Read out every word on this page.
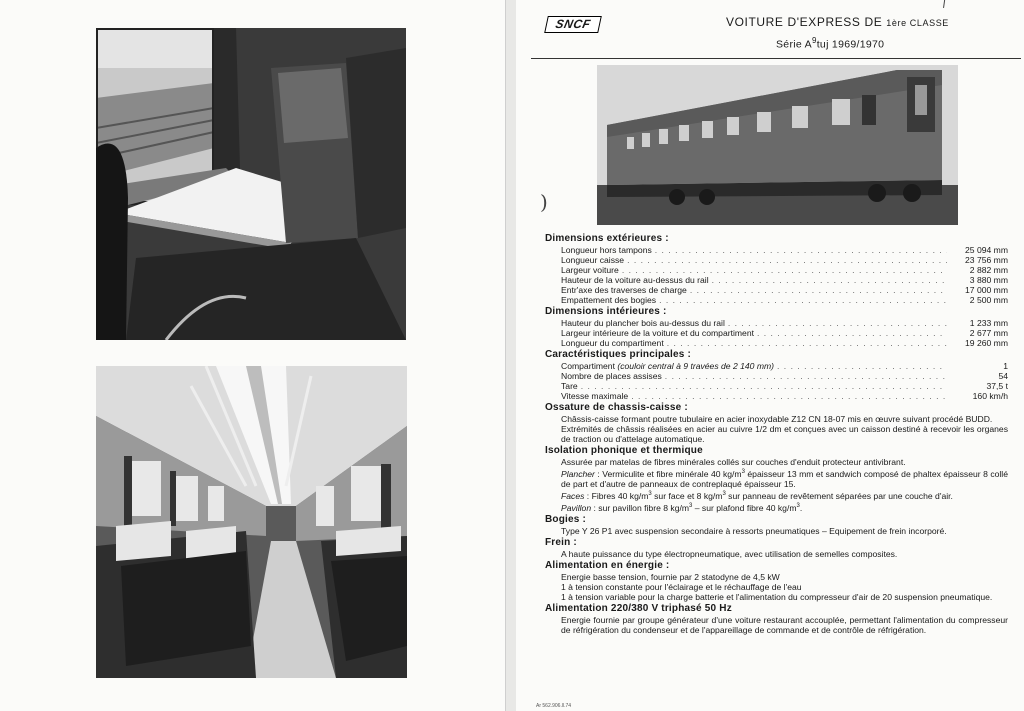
SNCF	VOITURE D'EXPRESS DE 1ère CLASSE
Série $A^9tuj$ 1969/1970
)
Dimensions extérieures :
Longueur hors tampons . . .	25 094 mm
Longueur caisse . . .	23 756 mm
Largeur voiture . . .	2 882 mm
Hauteur de la voiture au-dessus du rail . . .	3 880 mm
Entr'axe des traverses de charge . . .	17 000 mm
Empattement des bogies . . .	2 500 mm
Dimensions intérieures :
Hauteur du plancher bois au-dessus du rail . . .	1 233 mm
Largeur intérieure de la voiture et du compartiment . . .	2 677 mm
Longueur du compartiment . . .	19 260 mm
Caractéristiques principales :
Compartiment (couloir central à 9 travées de 2 140 mm) . . .	1
Nombre de places assises . . .	54
Tare . . .	37,5 t
Vitesse maximale . . .	160 km/h
Ossature de chassis-caisse :
Châssis-caisse formant poutre tubulaire en acier inoxydable Z12 CN 18-07 mis en œuvre suivant procédé BUDD.
Extrémités de châssis réalisées en acier au cuivre 1/2 dm et conçues avec un caisson destiné à recevoir les organes de traction ou d'attelage automatique.
Isolation phonique et thermique
Assurée par matelas de fibres minérales collés sur couches d'enduit protecteur antivibrant.
Plancher : Vermiculite et fibre minérale 40 $kg/m^3$ épaisseur 13 mm et sandwich composé de phaltex épaisseur 8 collé de part et d'autre de panneaux de contreplaqué épaisseur 15.
Faces : Fibres 40 $kg/m^3$ sur face et 8 $kg/m^3$ sur panneau de revêtement séparées par une couche d'air.
Pavillon : sur pavillon fibre 8 $kg/m^3$ – sur plafond fibre 40 $kg/m^3$.
Bogies :
Type Y 26 P1 avec suspension secondaire à ressorts pneumatiques – Equipement de frein incorporé.
Frein :
A haute puissance du type électropneumatique, avec utilisation de semelles composites.
Alimentation en énergie :
Energie basse tension, fournie par 2 statodyne de 4,5 kW
1 à tension constante pour l'éclairage et le réchauffage de l'eau
1 à tension variable pour la charge batterie et l'alimentation du compresseur d'air de 20 suspension pneumatique.
Alimentation 220/380 V triphasé 50 Hz
Energie fournie par groupe générateur d'une voiture restaurant accouplée, permettant l'alimentation du compresseur de réfrigération du condenseur et de l'appareillage de commande et de contrôle de réfrigération.
Ar 562.906.ll.74
